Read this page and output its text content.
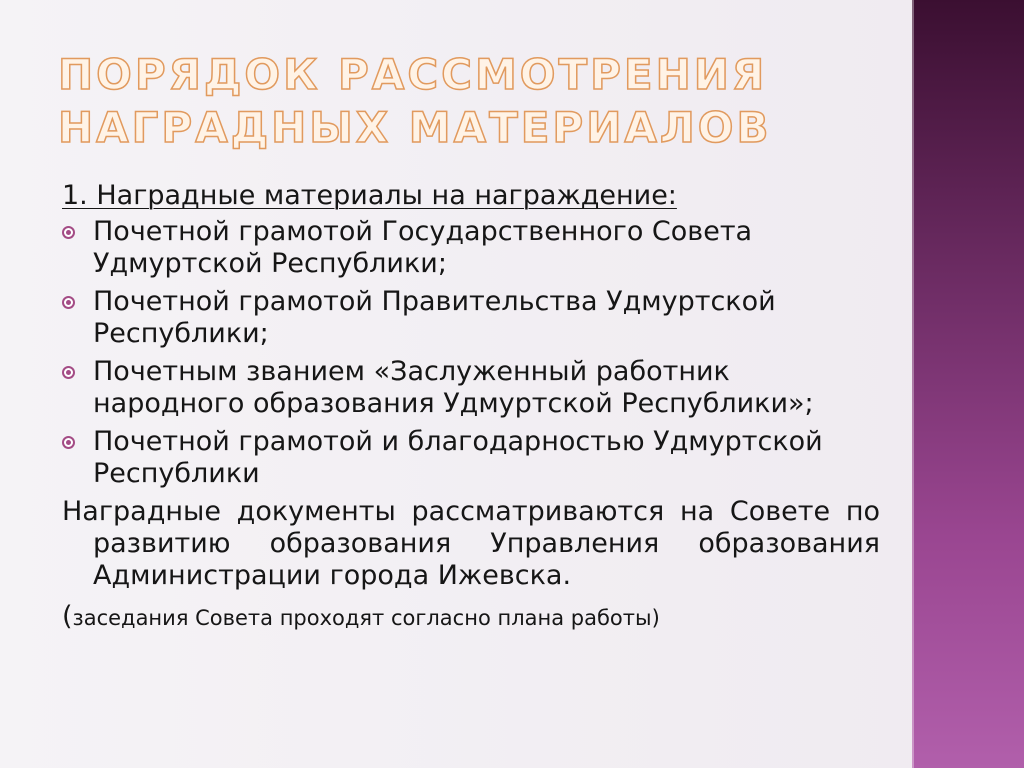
ПОРЯДОК РАССМОТРЕНИЯ НАГРАДНЫХ МАТЕРИАЛОВ
1. Наградные материалы на награждение:
Почетной грамотой Государственного Совета Удмуртской Республики;
Почетной грамотой Правительства Удмуртской Республики;
Почетным званием «Заслуженный работник народного образования Удмуртской Республики»;
Почетной грамотой и благодарностью Удмуртской Республики

Наградные документы рассматриваются на Совете по развитию образования Управления образования Администрации города Ижевска.

(заседания Совета проходят согласно плана работы)
